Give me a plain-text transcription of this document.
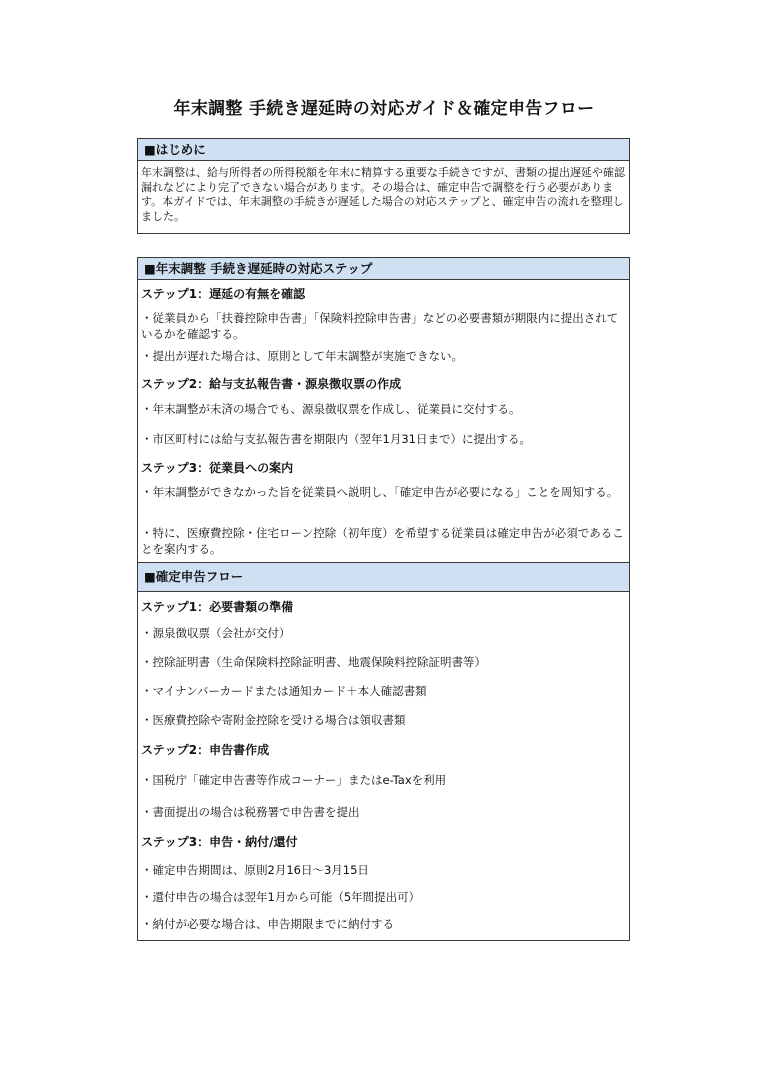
年末調整 手続き遅延時の対応ガイド＆確定申告フロー
■はじめに
年末調整は、給与所得者の所得税額を年末に精算する重要な手続きですが、書類の提出遅延や確認漏れなどにより完了できない場合があります。その場合は、確定申告で調整を行う必要があります。本ガイドでは、年末調整の手続きが遅延した場合の対応ステップと、確定申告の流れを整理しました。
■年末調整 手続き遅延時の対応ステップ
ステップ1：遅延の有無を確認
・従業員から「扶養控除申告書」「保険料控除申告書」などの必要書類が期限内に提出されているかを確認する。
・提出が遅れた場合は、原則として年末調整が実施できない。
ステップ2：給与支払報告書・源泉徴収票の作成
・年末調整が未済の場合でも、源泉徴収票を作成し、従業員に交付する。
・市区町村には給与支払報告書を期限内（翌年1月31日まで）に提出する。
ステップ3：従業員への案内
・年末調整ができなかった旨を従業員へ説明し、「確定申告が必要になる」ことを周知する。
・特に、医療費控除・住宅ローン控除（初年度）を希望する従業員は確定申告が必須であることを案内する。
■確定申告フロー
ステップ1：必要書類の準備
・源泉徴収票（会社が交付）
・控除証明書（生命保険料控除証明書、地震保険料控除証明書等）
・マイナンバーカードまたは通知カード＋本人確認書類
・医療費控除や寄附金控除を受ける場合は領収書類
ステップ2：申告書作成
・国税庁「確定申告書等作成コーナー」またはe-Taxを利用
・書面提出の場合は税務署で申告書を提出
ステップ3：申告・納付/還付
・確定申告期間は、原則2月16日～3月15日
・還付申告の場合は翌年1月から可能（5年間提出可）
・納付が必要な場合は、申告期限までに納付する
